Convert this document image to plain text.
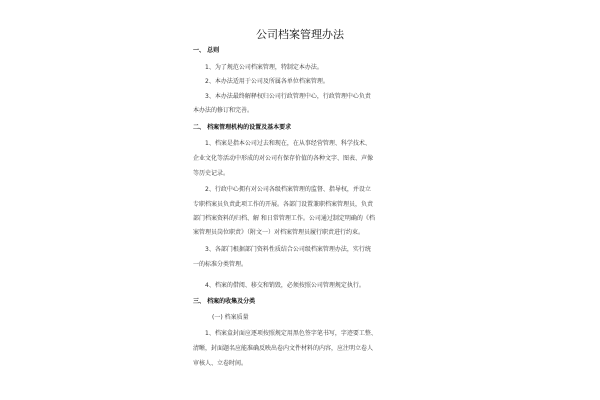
公司档案管理办法
一、 总则
1、为了规范公司档案管理，特制定本办法。
2、本办法适用于公司及所属各单位档案管理。
3、本办法最终解释权归公司行政管理中心，行政管理中心负责
本办法的修订和完善。
二、 档案管理机构的设置及基本要求
1、档案是指本公司过去和现在，在从事经营管理、科学技术、
企业文化等活动中形成的对公司有保存价值的各种文字、图表、声像
等历史记录。
2、行政中心拥有对公司各级档案管理的监督、指导权，并设立
专职档案员负责此项工作的开展。各部门设置兼职档案管理员，负责
部门档案资料的归档、解 和日常管理工作。公司通过制定明确的《档
案管理员岗位职责》（附文一）对档案管理员履行职责进行约束。
3、各部门根据部门资料性质结合公司级档案管理办法，实行统
一的标准分类管理。
4、档案的借阅、移交和销毁，必须按照公司管理规定执行。
三、 档案的收集及分类
(一) 档案质量
1、档案盒封面应逐项按照规定用黑色签字笔书写，字迹要工整、
清晰，封面题名应能准确反映出卷内文件材料的内容，应注明立卷人
审核人、立卷时间。
